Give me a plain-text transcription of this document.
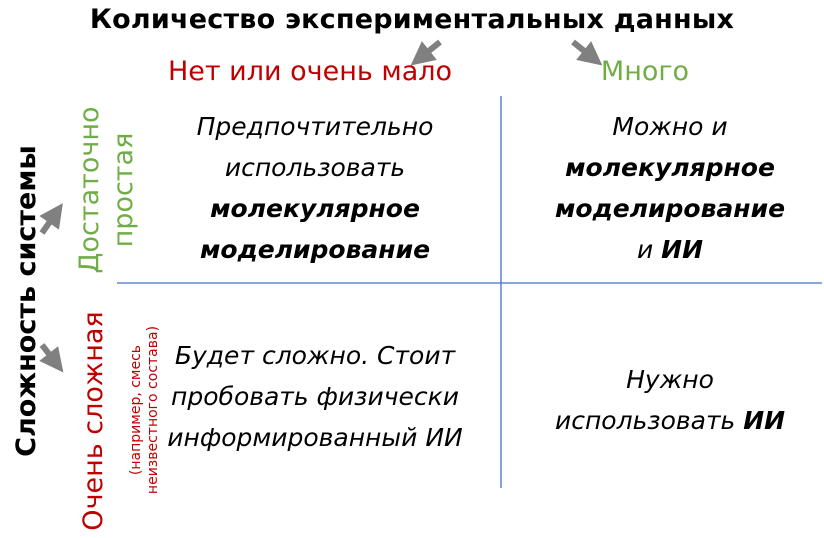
Количество экспериментальных данных
Нет или очень мало	Много
Сложность системы Достаточно простая
Очень сложная (например, смесь неизвестного состава)
Предпочтительно
использовать
молекулярное
моделирование
Можно и
молекулярное
моделирование
и ИИ
Будет сложно. Стоит
пробовать физически
информированный ИИ
Нужно
использовать ИИ
